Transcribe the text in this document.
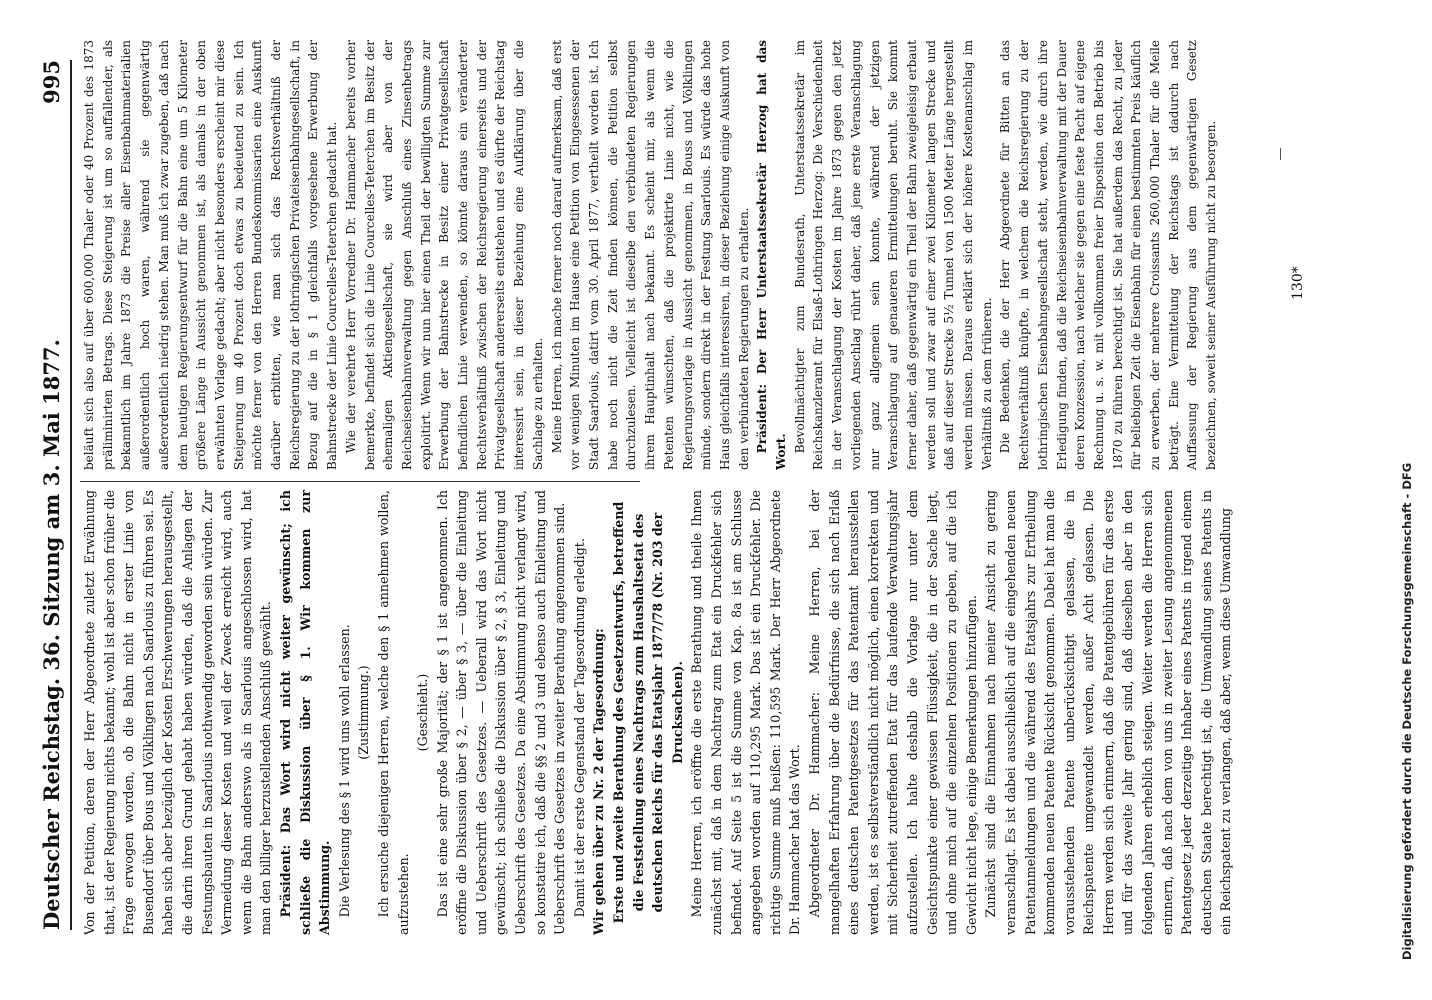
Deutscher Reichstag. 36. Sitzung am 3. Mai 1877.
995

Von der Petition, deren der Herr Abgeordnete zuletzt Erwähnung that, ist der Regierung nichts bekannt; wohl ist aber schon früher die Frage erwogen worden, ob die Bahn nicht in erster Linie von Busendorf über Bous und Völklingen nach Saarlouis zu führen sei. Es haben sich aber bezüglich der Kosten Erschwerungen herausgestellt, die darin ihren Grund gehabt haben würden, daß die Anlagen der Festungsbauten in Saarlouis nothwendig geworden sein würden. Zur Vermeidung dieser Kosten und weil der Zweck erreicht wird, auch wenn die Bahn anderswo als in Saarlouis angeschlossen wird, hat man den billiger herzustellenden Anschluß gewählt. Präsident: Das Wort wird nicht weiter gewünscht; ich schließe die Diskussion über § 1. Wir kommen zur Abstimmung. Die Verlesung des § 1 wird uns wohl erlassen. (Zustimmung.) Ich ersuche diejenigen Herren, welche den § 1 annehmen wollen, aufzustehen.

(Geschieht.) Das ist eine sehr große Majorität; der § 1 ist angenommen. Ich eröffne die Diskussion über § 2, — über § 3, — über die Einleitung und Ueberschrift des Gesetzes. — Ueberall wird das Wort nicht gewünscht; ich schließe die Diskussion über § 2, § 3, Einleitung und Ueberschrift des Gesetzes. Da eine Abstimmung nicht verlangt wird, so konstatire ich, daß die §§ 2 und 3 und ebenso auch Einleitung und Ueberschrift des Gesetzes in zweiter Berathung angenommen sind. Damit ist der erste Gegenstand der Tagesordnung erledigt. Wir gehen über zu Nr. 2 der Tagesordnung: Erste und zweite Berathung des Gesetzentwurfs, betreffend die Feststellung eines Nachtrags zum Haushaltsetat des deutschen Reichs für das Etatsjahr 1877/78 (Nr. 203 der Drucksachen). Meine Herren, ich eröffne die erste Berathung und theile Ihnen zunächst mit, daß in dem Nachtrag zum Etat ein Druckfehler sich befindet. Auf Seite 5 ist die Summe von Kap. 8a ist am Schlusse angegeben worden auf 110,295 Mark. Das ist ein Druckfehler. Die richtige Summe muß heißen: 110,595 Mark. Der Herr Abgeordnete Dr. Hammacher hat das Wort. Abgeordneter Dr. Hammacher: Meine Herren, bei der mangelhaften Erfahrung über die Bedürfnisse, die sich nach Erlaß eines deutschen Patentgesetzes für das Patentamt herausstellen werden, ist es selbstverständlich nicht möglich, einen korrekten und mit Sicherheit zutreffenden Etat für das laufende Verwaltungsjahr aufzustellen. Ich halte deshalb die Vorlage nur unter dem Gesichtspunkte einer gewissen Flüssigkeit, die in der Sache liegt, und ohne mich auf die einzelnen Positionen zu geben, auf die ich Gewicht nicht lege, einige Bemerkungen hinzufügen. Zunächst sind die Einnahmen nach meiner Ansicht zu gering veranschlagt. Es ist dabei ausschließlich auf die eingehenden neuen Patentanmeldungen und die während des Etatsjahrs zur Ertheilung kommenden neuen Patente Rücksicht genommen. Dabei hat man die vorausstehenden Patente unberücksichtigt gelassen, die in Reichspatente umgewandelt werden, außer Acht gelassen. Die Herren werden sich erinnern, daß die Patentgebühren für das erste und für das zweite Jahr gering sind, daß dieselben aber in den folgenden Jahren erheblich steigen. Weiter werden die Herren sich erinnern, daß nach dem von uns in zweiter Lesung angenommenen Patentgesetz jeder derzeitige Inhaber eines Patents in irgend einem deutschen Staate berechtigt ist, die Umwandlung seines Patents in ein Reichspatent zu verlangen, daß aber, wenn diese Umwandlung

beläuft sich also auf über 600,000 Thaler oder 40 Prozent des 1873 präliminirten Betrags. Diese Steigerung ist um so auffallender, als bekanntlich im Jahre 1873 die Preise aller Eisenbahnmaterialien außerordentlich hoch waren, während sie gegenwärtig außerordentlich niedrig stehen. Man muß ich zwar zugeben, daß nach dem heutigen Regierungsentwurf für die Bahn eine um 5 Kilometer größere Länge in Aussicht genommen ist, als damals in der oben erwähnten Vorlage gedacht; aber nicht besonders erscheint mir diese Steigerung um 40 Prozent doch etwas zu bedeutend zu sein. Ich möchte ferner von den Herren Bundeskommissarien eine Auskunft darüber erbitten, wie man sich das Rechtsverhältniß der Reichsregierung zu der lothringischen Privateisenbahngesellschaft, in Bezug auf die in § 1 gleichfalls vorgesehene Erwerbung der Bahnstrecke der Linie Courcelles-Teterchen gedacht hat. Wie der verehrte Herr Vorredner Dr. Hammacher bereits vorher bemerkte, befindet sich die Linie Courcelles-Teterchen im Besitz der ehemaligen Aktiengesellschaft, sie wird aber von der Reichseisenbahnverwaltung gegen Anschluß eines Zinsenbetrags exploitirt. Wenn wir nun hier einen Theil der bewilligten Summe zur Erwerbung der Bahnstrecke in Besitz einer Privatgesellschaft befindlichen Linie verwenden, so könnte daraus ein veränderter Rechtsverhältniß zwischen der Reichsregierung einerseits und der Privatgesellschaft andererseits entstehen und es dürfte der Reichstag interessirt sein, in dieser Beziehung eine Aufklärung über die Sachlage zu erhalten. Meine Herren, ich mache ferner noch darauf aufmerksam, daß erst vor wenigen Minuten im Hause eine Petition von Eingesessenen der Stadt Saarlouis, datirt vom 30. April 1877, vertheilt worden ist. Ich habe noch nicht die Zeit finden können, die Petition selbst durchzulesen. Vielleicht ist dieselbe den verbündeten Regierungen ihrem Hauptinhalt nach bekannt. Es scheint mir, als wenn die Petenten wünschten, daß die projektirte Linie nicht, wie die Regierungsvorlage in Aussicht genommen, in Bouss und Völklingen münde, sondern direkt in der Festung Saarlouis. Es würde das hohe Haus gleichfalls interessiren, in dieser Beziehung einige Auskunft von den verbündeten Regierungen zu erhalten. Präsident: Der Herr Unterstaatssekretär Herzog hat das Wort. Bevollmächtigter zum Bundesrath, Unterstaatssekretär im Reichskanzleramt für Elsaß-Lothringen Herzog: Die Verschiedenheit in der Veranschlagung der Kosten im Jahre 1873 gegen den jetzt vorliegenden Anschlag rührt daher, daß jene erste Veranschlagung nur ganz allgemein sein konnte, während der jetzigen Veranschlagung auf genaueren Ermittelungen beruht. Sie kommt ferner daher, daß gegenwärtig ein Theil der Bahn zweigeleisig erbaut werden soll und zwar auf einer zwei Kilometer langen Strecke und daß auf dieser Strecke 5½ Tunnel von 1500 Meter Länge hergestellt werden müssen. Daraus erklärt sich der höhere Kostenanschlag im Verhältniß zu dem früheren. Die Bedenken, die der Herr Abgeordnete für Bitten an das Rechtsverhältniß knüpfte, in welchem die Reichsregierung zu der lothringischen Eisenbahngesellschaft steht, werden, wie durch ihre Erledigung finden, daß die Reichseisenbahnverwaltung mit der Dauer deren Konzession, nach welcher sie gegen eine feste Pacht auf eigene Rechnung u. s. w. mit vollkommen freier Disposition den Betrieb bis 1870 zu führen berechtigt ist. Sie hat außerdem das Recht, zu jeder für beliebigen Zeit die Eisenbahn für einen bestimmten Preis käuflich zu erwerben, der mehrere Croissants 260,000 Thaler für die Meile beträgt. Eine Vermittelung der Reichstags ist dadurch nach Auffassung der Regierung aus dem gegenwärtigen Gesetz bezeichnen, soweit seiner Ausführung nicht zu besorgen.	130*
Digitalisierung gefördert durch die Deutsche Forschungsgemeinschaft - DFG
